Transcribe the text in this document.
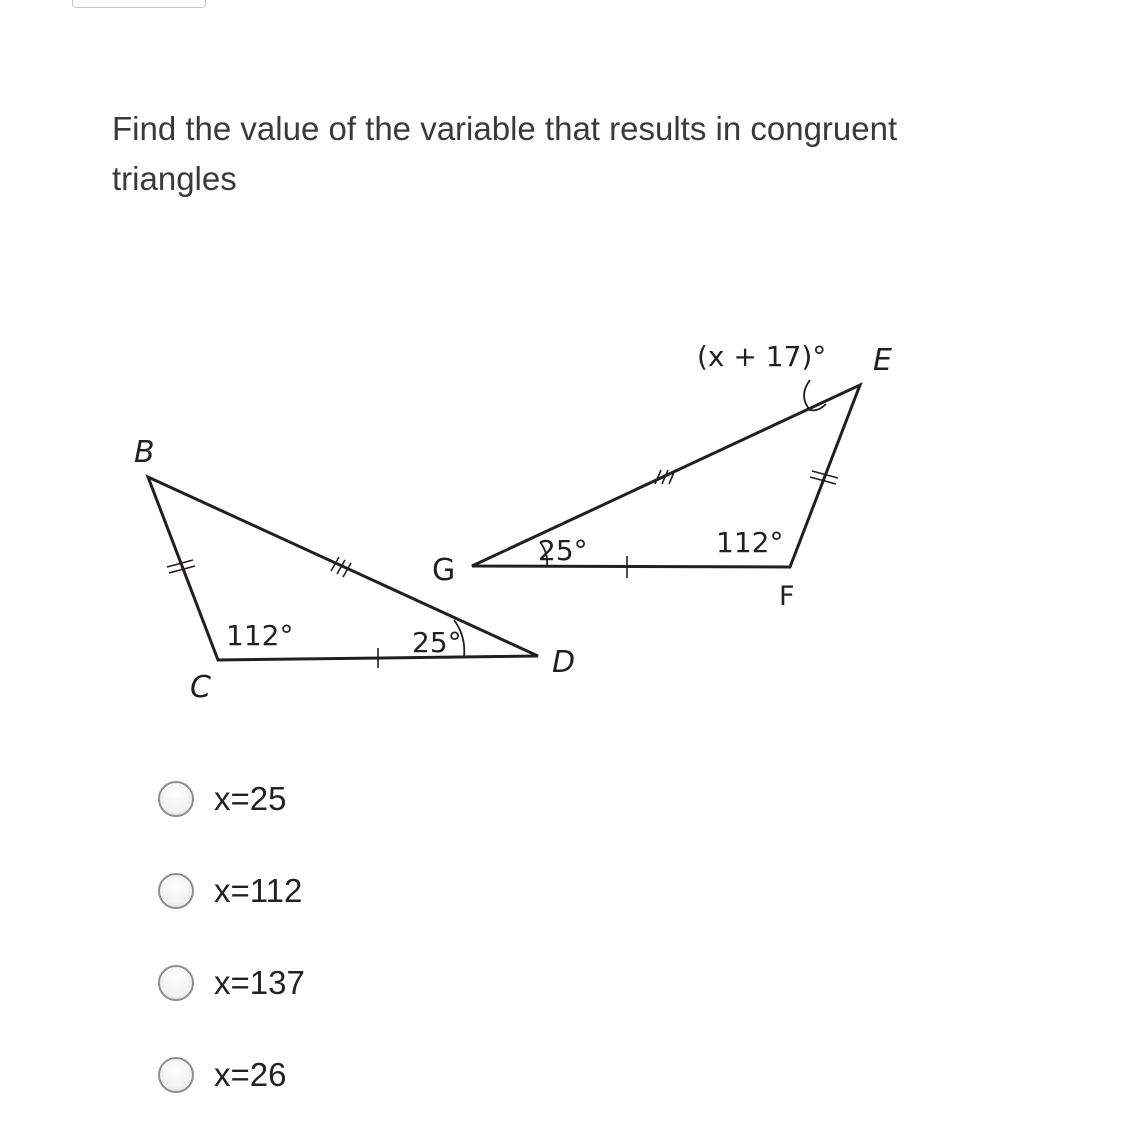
Find the value of the variable that results in congruent triangles
B
C
D
112°	25°
(x + 17)° E
G
F
25°	112°
x=25
x=112
x=137
x=26
